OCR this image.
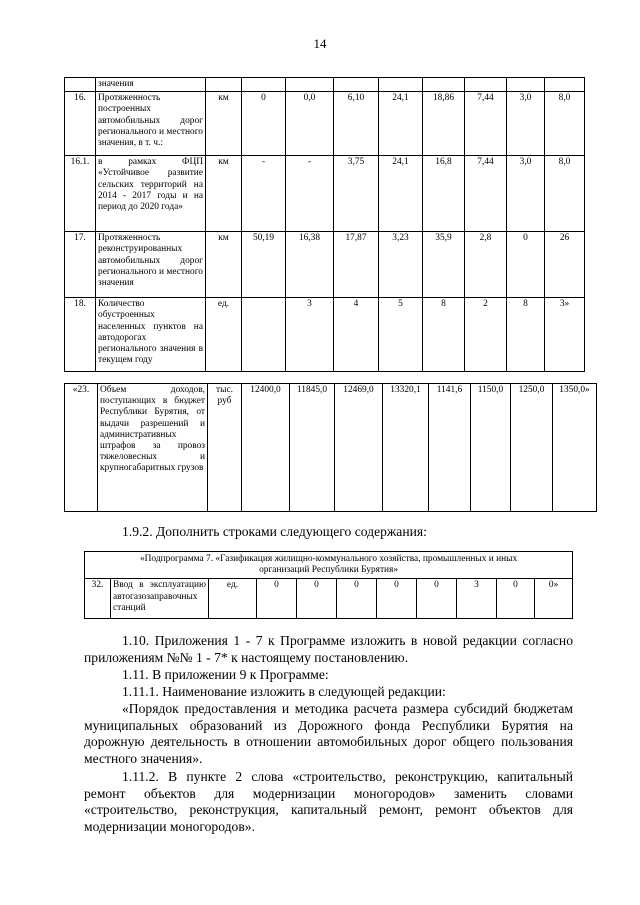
14
	значения									
16.	Протяженность построенных автомобильных дорог регионального и местного значения, в т. ч.:	км	0	0,0	6,10	24,1	18,86	7,44	3,0	8,0
16.1.	в рамках ФЦП «Устойчивое развитие сельских территорий на 2014 - 2017 годы и на период до 2020 года»	км	-	-	3,75	24,1	16,8	7,44	3,0	8,0
17.	Протяженность реконструированных автомобильных дорог регионального и местного значения	км	50,19	16,38	17,87	3,23	35,9	2,8	0	26
18.	Количество обустроенных населенных пунктов на автодорогах регионального значения в текущем году	ед.		3	4	5	8	2	8	3»
«23.	Объем доходов, поступающих в бюджет Республики Бурятия, от выдачи разрешений и административных штрафов за провоз тяжеловесных и крупногабаритных грузов	тыс. руб	12400,0	11845,0	12469,0	13320,1	1141,6	1150,0	1250,0	1350,0»

1.9.2. Дополнить строками следующего содержания:

«Подпрограмма 7. «Газификация жилищно-коммунального хозяйства, промышленных и иных организаций Республики Бурятия»
32.	Ввод в эксплуатацию автогазозаправочных станций	ед.	0	0	0	0	0	3	0	0»

1.10. Приложения 1 - 7 к Программе изложить в новой редакции согласно приложениям №№ 1 - 7* к настоящему постановлению.

1.11. В приложении 9 к Программе:

1.11.1. Наименование изложить в следующей редакции:

«Порядок предоставления и методика расчета размера субсидий бюджетам муниципальных образований из Дорожного фонда Республики Бурятия на дорожную деятельность в отношении автомобильных дорог общего пользования местного значения».

1.11.2. В пункте 2 слова «строительство, реконструкцию, капитальный ремонт объектов для модернизации моногородов» заменить словами «строительство, реконструкция, капитальный ремонт, ремонт объектов для модернизации моногородов».
